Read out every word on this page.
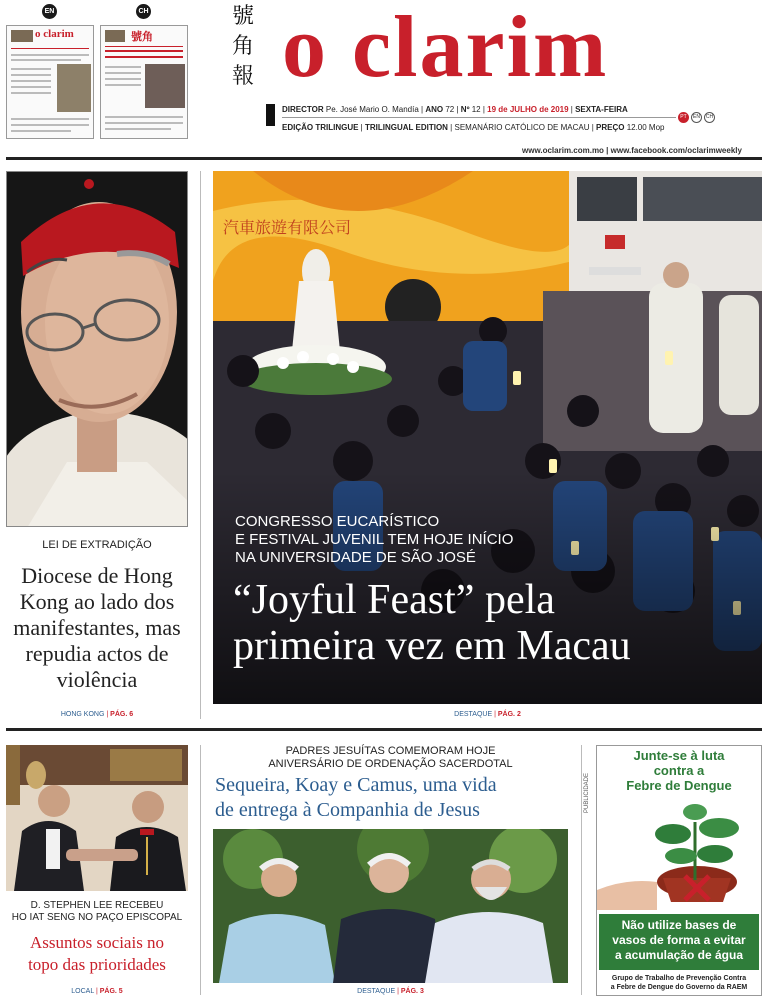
EN	CH
o clarim	號角
號
角
報 o clarim
DIRECTOR Pe. José Mario O. Mandía | ANO 72 | Nº 12 | 19 de JULHO de 2019 | SEXTA-FEIRA
PT	EN	CH
EDIÇÃO TRILINGUE | TRILINGUAL EDITION | SEMANÁRIO CATÓLICO DE MACAU | PREÇO 12.00 Mop
www.oclarim.com.mo | www.facebook.com/oclarimweekly
LEI DE EXTRADIÇÃO
Diocese de Hong Kong ao lado dos manifestantes, mas repudia actos de violência
HONG KONG | PÁG. 6
汽車旅遊有限公司
CONGRESSO EUCARÍSTICO
E FESTIVAL JUVENIL TEM HOJE INÍCIO
NA UNIVERSIDADE DE SÃO JOSÉ
“Joyful Feast” pela
primeira vez em Macau
DESTAQUE | PÁG. 2
D. STEPHEN LEE RECEBEU
HO IAT SENG NO PAÇO EPISCOPAL
Assuntos sociais no
topo das prioridades
LOCAL | PÁG. 5
PADRES JESUÍTAS COMEMORAM HOJE
ANIVERSÁRIO DE ORDENAÇÃO SACERDOTAL
Sequeira, Koay e Camus, uma vida
de entrega à Companhia de Jesus
DESTAQUE | PÁG. 3
PUBLICIDADE
Junte-se à luta
contra a
Febre de Dengue
Não utilize bases de
vasos de forma a evitar
a acumulação de água
Grupo de Trabalho de Prevenção Contra
a Febre de Dengue do Governo da RAEM
